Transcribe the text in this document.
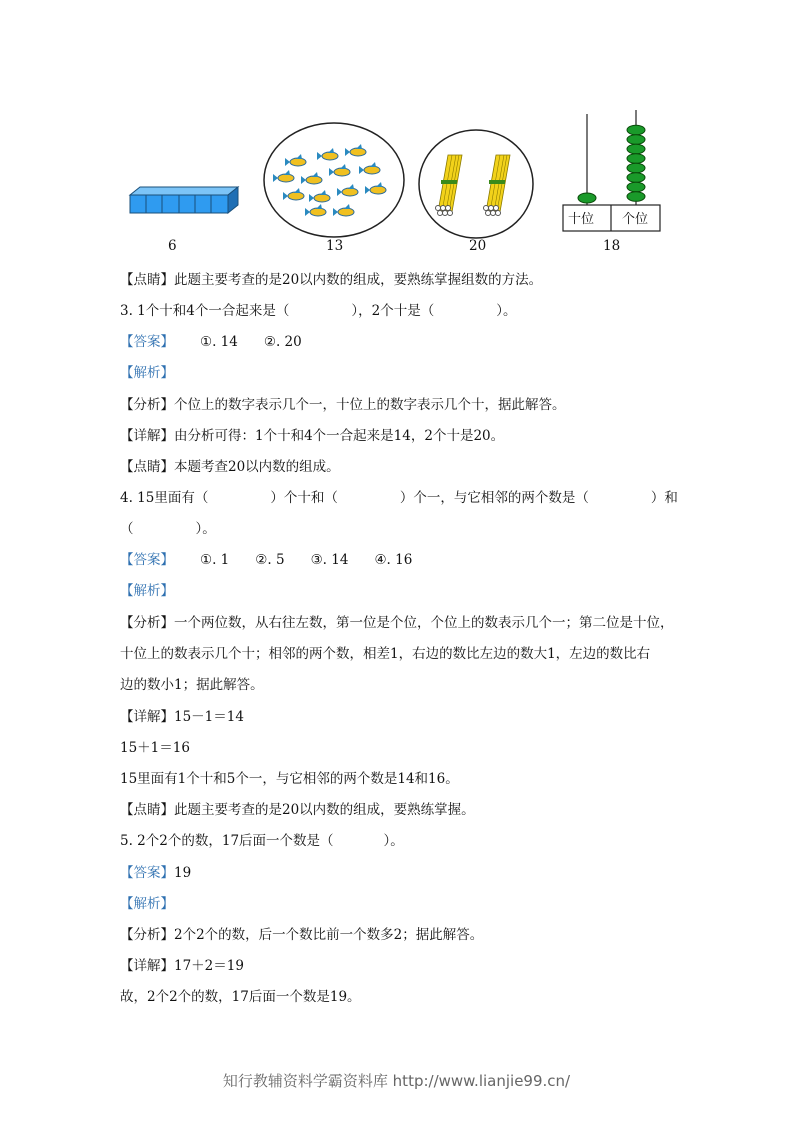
6	13	20	18
十位 个位
【点睛】此题主要考查的是20以内数的组成，要熟练掌握组数的方法。
3. 1个十和4个一合起来是（	），2个十是（	）。
【答案】 ①. 14 ②. 20
【解析】
【分析】个位上的数字表示几个一，十位上的数字表示几个十，据此解答。
【详解】由分析可得：1个十和4个一合起来是14，2个十是20。
【点睛】本题考查20以内数的组成。
4. 15里面有（	）个十和（	）个一，与它相邻的两个数是（	）和
（	）。
【答案】 ①. 1 ②. 5 ③. 14 ④. 16
【解析】
【分析】一个两位数，从右往左数，第一位是个位，个位上的数表示几个一；第二位是十位，
十位上的数表示几个十；相邻的两个数，相差1，右边的数比左边的数大1，左边的数比右
边的数小1；据此解答。
【详解】15－1＝14
15＋1＝16
15里面有1个十和5个一，与它相邻的两个数是14和16。
【点睛】此题主要考查的是20以内数的组成，要熟练掌握。
5. 2个2个的数，17后面一个数是（	）。
【答案】19
【解析】
【分析】2个2个的数，后一个数比前一个数多2；据此解答。
【详解】17＋2＝19
故，2个2个的数，17后面一个数是19。
知行教辅资料学霸资料库 http://www.lianjie99.cn/
